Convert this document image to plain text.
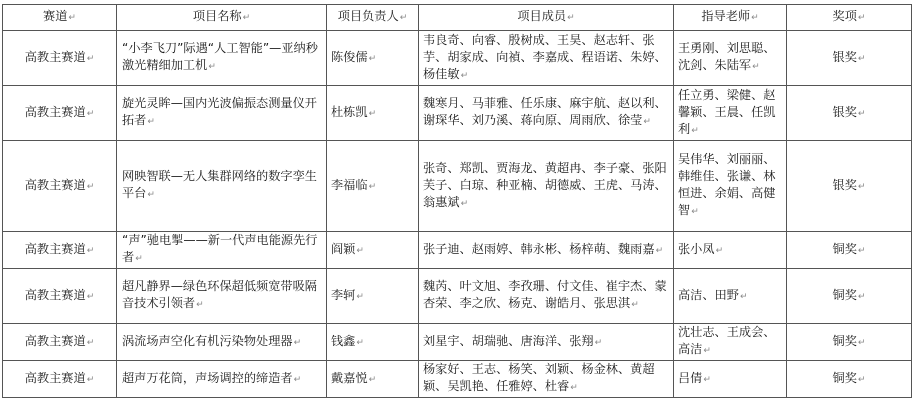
赛道↵	项目名称↵	项目负责人↵	项目成员↵	指导老师↵	奖项↵
高教主赛道↵	“小李飞刀”际遇“人工智能”—亚纳秒激光精细加工机↵	陈俊儒↵	韦良奇、向睿、殷树成、王昊、赵志轩、张芋、胡家成、向禎、李嘉成、程语诺、朱婷、杨佳敏↵	王勇刚、刘思聪、沈剑、朱陆军↵	银奖↵
高教主赛道↵	旋光灵眸—国内光波偏振态测量仪开拓者↵	杜栋凯↵	魏寒月、马菲雅、任乐康、麻宇航、赵以利、谢琛华、刘乃溪、蒋向原、周雨欣、徐莹↵	任立勇、梁健、赵馨颖、王晨、任凯利↵	银奖↵
高教主赛道↵	网映智联—无人集群网络的数字孪生平台↵	李福临↵	张奇、郑凯、贾海龙、黄超冉、李子豪、张阳芙子、白琼、种亚楠、胡德威、王虎、马涛、翁惠斌↵	吴伟华、刘丽丽、韩维佳、张谦、林恒进、余娟、高健智↵	银奖↵
高教主赛道↵	“声”驰电掣——新一代声电能源先行者↵	阎颖↵	张子迪、赵雨婷、韩永彬、杨梓萌、魏雨嘉↵	张小凤↵	铜奖↵
高教主赛道↵	超凡静界—绿色环保超低频宽带吸隔音技术引领者↵	李轲↵	魏芮、叶文旭、李孜珊、付文佳、崔宇杰、蒙杏荣、李之欣、杨克、谢皓月、张思淇↵	高洁、田野↵	铜奖↵
高教主赛道↵	涡流场声空化有机污染物处理器↵	钱鑫↵	刘星宇、胡瑞驰、唐海洋、张翔↵	沈壮志、王成会、高洁↵	铜奖↵
高教主赛道↵	超声万花筒，声场调控的缔造者↵	戴嘉悦↵	杨家好、王志、杨笑、刘颖、杨金林、黄超颖、吴凯艳、任雅婷、杜睿↵	吕倩↵	铜奖↵
